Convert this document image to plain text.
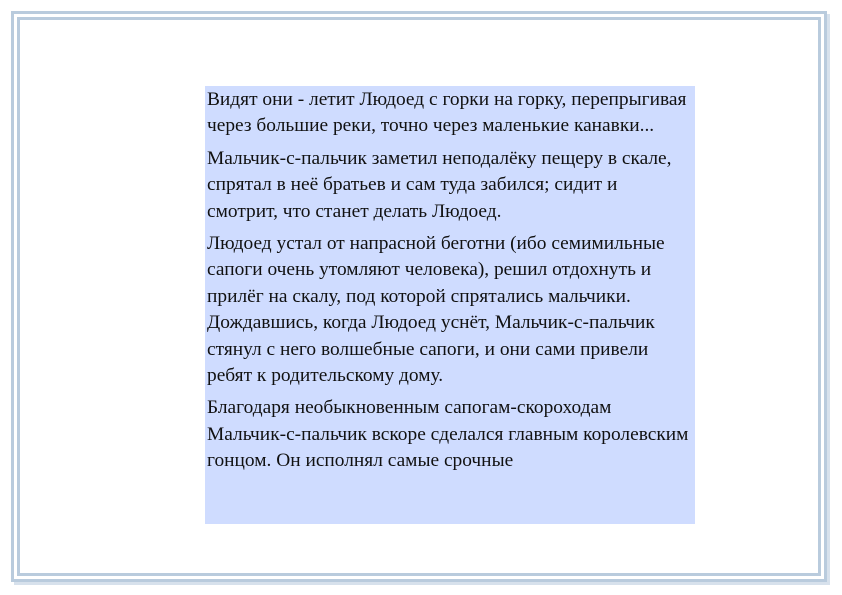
Видят они - летит Людоед с горки на горку, перепрыгивая через большие реки, точно через маленькие канавки...

Мальчик-с-пальчик заметил неподалёку пещеру в скале, спрятал в неё братьев и сам туда забился; сидит и смотрит, что станет делать Людоед.

Людоед устал от напрасной беготни (ибо семимильные сапоги очень утомляют человека), решил отдохнуть и прилёг на скалу, под которой спрятались мальчики. Дождавшись, когда Людоед уснёт, Мальчик-с-пальчик стянул с него волшебные сапоги, и они сами привели ребят к родительскому дому.

Благодаря необыкновенным сапогам-скороходам Мальчик-с-пальчик вскоре сделался главным королевским гонцом. Он исполнял самые срочные
